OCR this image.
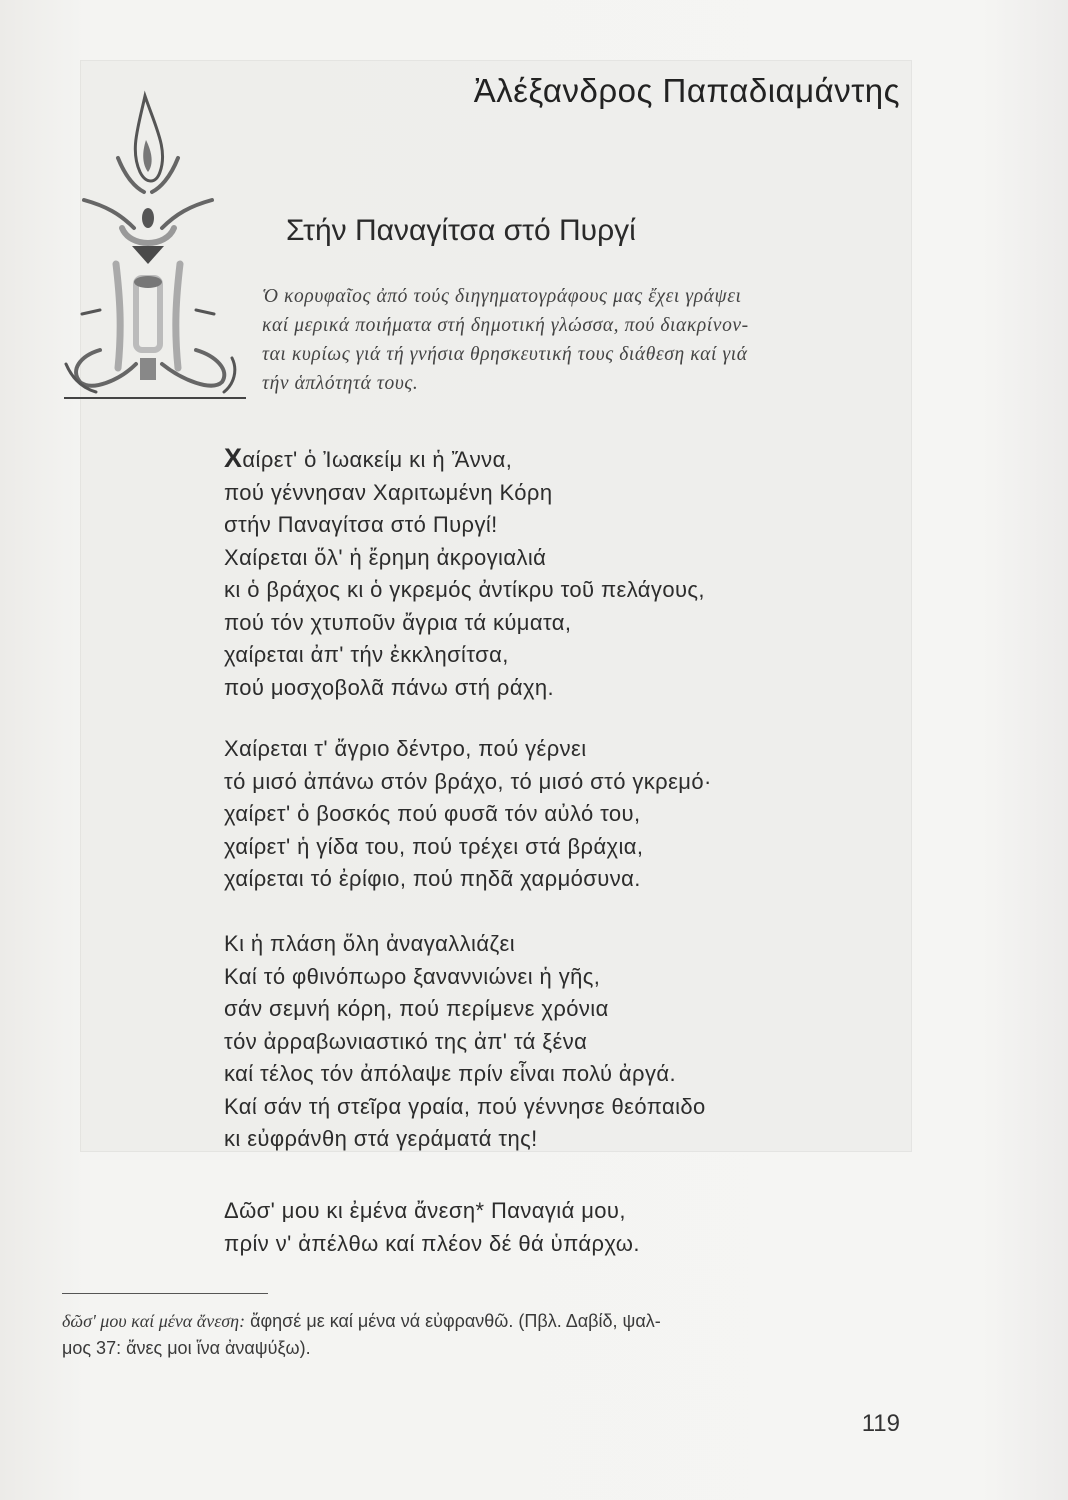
Ἀλέξανδρος Παπαδιαμάντης
Στήν Παναγίτσα στό Πυργί
Ὁ κορυφαῖος ἀπό τούς διηγηματογράφους μας ἔχει γράψει
καί μερικά ποιήματα στή δημοτική γλώσσα, πού διακρίνον-
ται κυρίως γιά τή γνήσια θρησκευτική τους διάθεση καί γιά
τήν ἁπλότητά τους.
Χαίρετ' ὁ Ἰωακείμ κι ἡ Ἄννα,
πού γέννησαν Χαριτωμένη Κόρη
στήν Παναγίτσα στό Πυργί!
Χαίρεται ὅλ' ἡ ἔρημη ἀκρογιαλιά
κι ὁ βράχος κι ὁ γκρεμός ἀντίκρυ τοῦ πελάγους,
πού τόν χτυποῦν ἄγρια τά κύματα,
χαίρεται ἀπ' τήν ἐκκλησίτσα,
πού μοσχοβολᾶ πάνω στή ράχη.
Χαίρεται τ' ἄγριο δέντρο, πού γέρνει
τό μισό ἀπάνω στόν βράχο, τό μισό στό γκρεμό·
χαίρετ' ὁ βοσκός πού φυσᾶ τόν αὐλό του,
χαίρετ' ἡ γίδα του, πού τρέχει στά βράχια,
χαίρεται τό ἐρίφιο, πού πηδᾶ χαρμόσυνα.
Κι ἡ πλάση ὅλη ἀναγαλλιάζει
Καί τό φθινόπωρο ξαναννιώνει ἡ γῆς,
σάν σεμνή κόρη, πού περίμενε χρόνια
τόν ἀρραβωνιαστικό της ἀπ' τά ξένα
καί τέλος τόν ἀπόλαψε πρίν εἶναι πολύ ἀργά.
Καί σάν τή στεῖρα γραία, πού γέννησε θεόπαιδο
κι εὐφράνθη στά γεράματά της!
Δῶσ' μου κι ἐμένα ἄνεση* Παναγιά μου,
πρίν ν' ἀπέλθω καί πλέον δέ θά ὑπάρχω.
δῶσ' μου καί μένα ἄνεση: ἄφησέ με καί μένα νά εὐφρανθῶ. (Πβλ. Δαβίδ, ψαλ-
μος 37: ἄνες μοι ἵνα ἀναψύξω).
119
